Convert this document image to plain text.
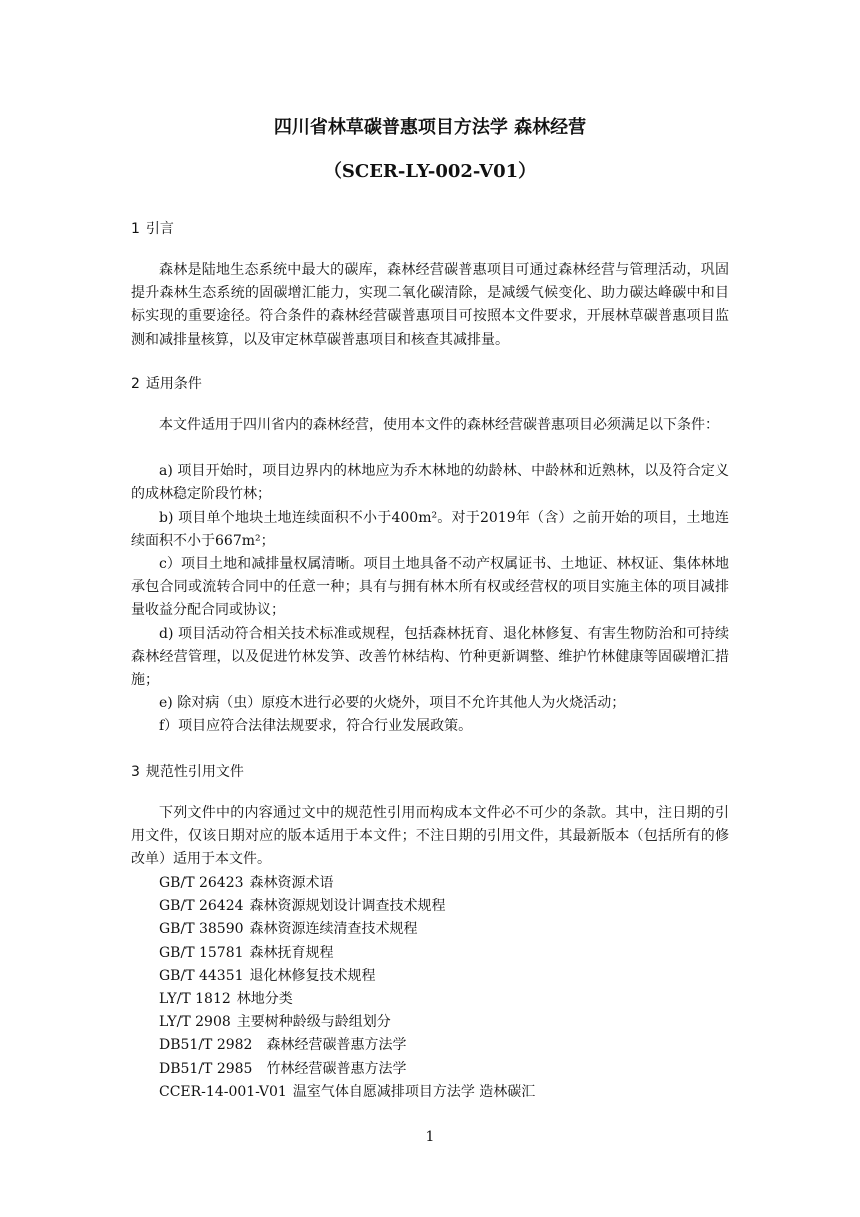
四川省林草碳普惠项目方法学 森林经营
（SCER-LY-002-V01）
1 引言
森林是陆地生态系统中最大的碳库，森林经营碳普惠项目可通过森林经营与管理活动，巩固提升森林生态系统的固碳增汇能力，实现二氧化碳清除，是减缓气候变化、助力碳达峰碳中和目标实现的重要途径。符合条件的森林经营碳普惠项目可按照本文件要求，开展林草碳普惠项目监测和减排量核算，以及审定林草碳普惠项目和核查其减排量。
2 适用条件
本文件适用于四川省内的森林经营，使用本文件的森林经营碳普惠项目必须满足以下条件：
a) 项目开始时，项目边界内的林地应为乔木林地的幼龄林、中龄林和近熟林，以及符合定义的成林稳定阶段竹林；
b) 项目单个地块土地连续面积不小于400m²。对于2019年（含）之前开始的项目，土地连续面积不小于667m²；
c）项目土地和减排量权属清晰。项目土地具备不动产权属证书、土地证、林权证、集体林地承包合同或流转合同中的任意一种；具有与拥有林木所有权或经营权的项目实施主体的项目减排量收益分配合同或协议；
d) 项目活动符合相关技术标准或规程，包括森林抚育、退化林修复、有害生物防治和可持续森林经营管理，以及促进竹林发笋、改善竹林结构、竹种更新调整、维护竹林健康等固碳增汇措施；
e) 除对病（虫）原疫木进行必要的火烧外，项目不允许其他人为火烧活动；
f）项目应符合法律法规要求，符合行业发展政策。
3 规范性引用文件
下列文件中的内容通过文中的规范性引用而构成本文件必不可少的条款。其中，注日期的引用文件，仅该日期对应的版本适用于本文件；不注日期的引用文件，其最新版本（包括所有的修改单）适用于本文件。
GB/T 26423 森林资源术语
GB/T 26424 森林资源规划设计调查技术规程
GB/T 38590 森林资源连续清查技术规程
GB/T 15781 森林抚育规程
GB/T 44351 退化林修复技术规程
LY/T 1812 林地分类
LY/T 2908 主要树种龄级与龄组划分
DB51/T 2982 森林经营碳普惠方法学
DB51/T 2985 竹林经营碳普惠方法学
CCER-14-001-V01 温室气体自愿减排项目方法学 造林碳汇
1
